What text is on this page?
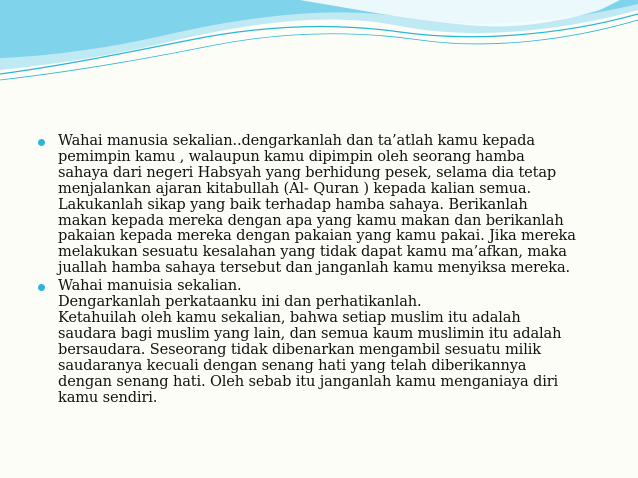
Wahai manusia sekalian..dengarkanlah dan ta’atlah kamu kepada
pemimpin kamu , walaupun kamu dipimpin oleh seorang hamba
sahaya dari negeri Habsyah yang berhidung pesek, selama dia tetap
menjalankan ajaran kitabullah (Al- Quran ) kepada kalian semua.
Lakukanlah sikap yang baik terhadap hamba sahaya. Berikanlah
makan kepada mereka dengan apa yang kamu makan dan berikanlah
pakaian kepada mereka dengan pakaian yang kamu pakai. Jika mereka
melakukan sesuatu kesalahan yang tidak dapat kamu ma’afkan, maka
juallah hamba sahaya tersebut dan janganlah kamu menyiksa mereka.
Wahai manuisia sekalian.
Dengarkanlah perkataanku ini dan perhatikanlah.
Ketahuilah oleh kamu sekalian, bahwa setiap muslim itu adalah
saudara bagi muslim yang lain, dan semua kaum muslimin itu adalah
bersaudara. Seseorang tidak dibenarkan mengambil sesuatu milik
saudaranya kecuali dengan senang hati yang telah diberikannya
dengan senang hati. Oleh sebab itu janganlah kamu menganiaya diri
kamu sendiri.
